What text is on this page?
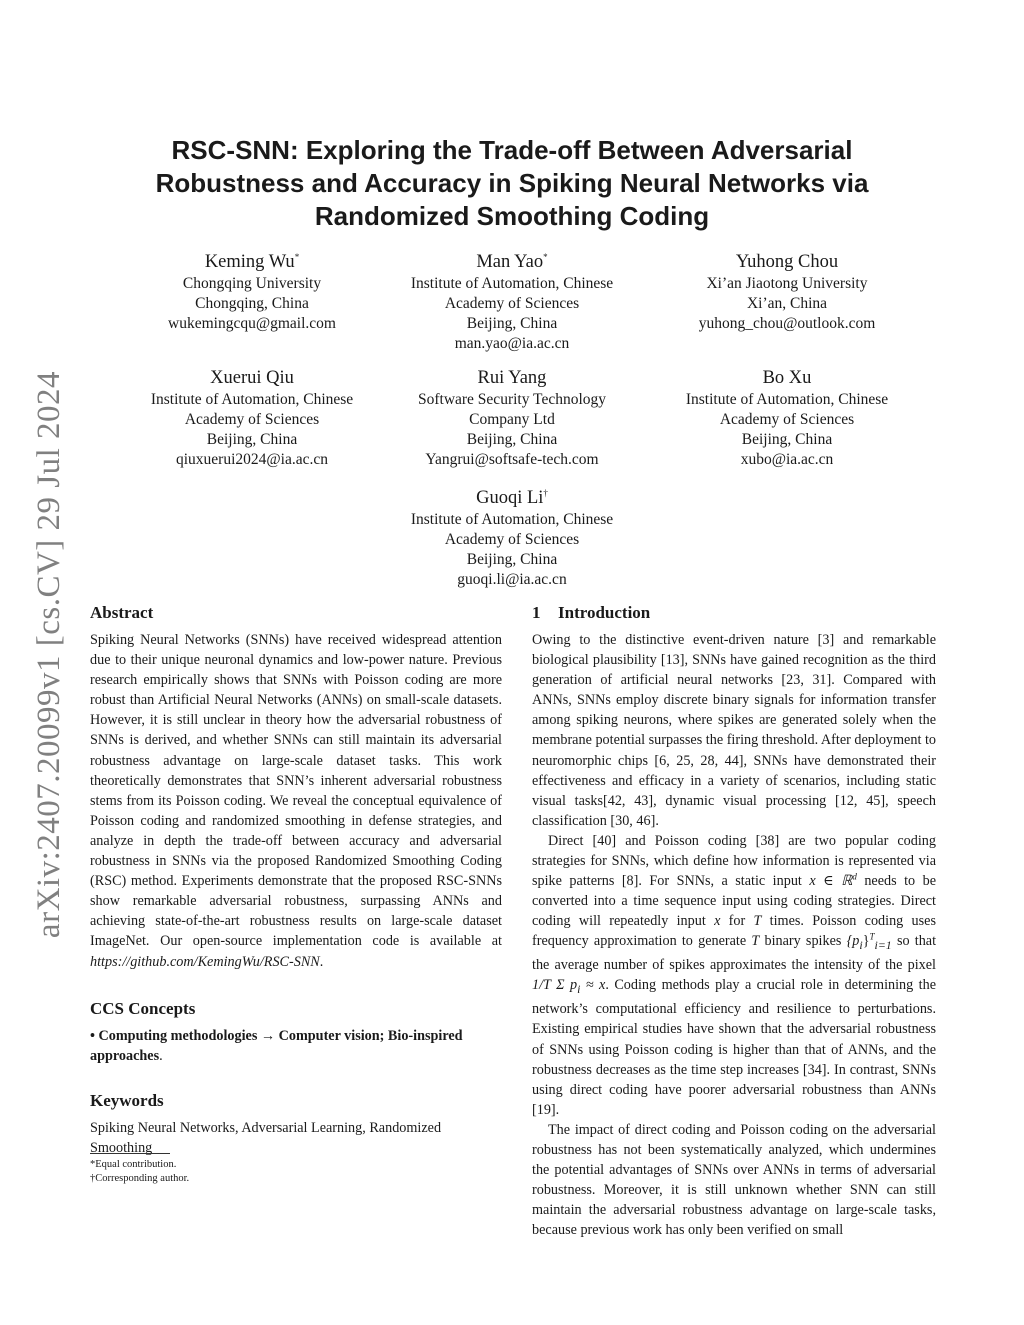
arXiv:2407.20099v1 [cs.CV] 29 Jul 2024
RSC-SNN: Exploring the Trade-off Between Adversarial
Robustness and Accuracy in Spiking Neural Networks via
Randomized Smoothing Coding
Keming Wu*
Chongqing University
Chongqing, China
wukemingcqu@gmail.com
Man Yao*
Institute of Automation, Chinese
Academy of Sciences
Beijing, China
man.yao@ia.ac.cn
Yuhong Chou
Xi’an Jiaotong University
Xi’an, China
yuhong_chou@outlook.com
Xuerui Qiu
Institute of Automation, Chinese
Academy of Sciences
Beijing, China
qiuxuerui2024@ia.ac.cn
Rui Yang
Software Security Technology
Company Ltd
Beijing, China
Yangrui@softsafe-tech.com
Bo Xu
Institute of Automation, Chinese
Academy of Sciences
Beijing, China
xubo@ia.ac.cn
Guoqi Li†
Institute of Automation, Chinese
Academy of Sciences
Beijing, China
guoqi.li@ia.ac.cn
Abstract

Spiking Neural Networks (SNNs) have received widespread attention due to their unique neuronal dynamics and low-power nature. Previous research empirically shows that SNNs with Poisson coding are more robust than Artificial Neural Networks (ANNs) on small-scale datasets. However, it is still unclear in theory how the adversarial robustness of SNNs is derived, and whether SNNs can still maintain its adversarial robustness advantage on large-scale dataset tasks. This work theoretically demonstrates that SNN’s inherent adversarial robustness stems from its Poisson coding. We reveal the conceptual equivalence of Poisson coding and randomized smoothing in defense strategies, and analyze in depth the trade-off between accuracy and adversarial robustness in SNNs via the proposed Randomized Smoothing Coding (RSC) method. Experiments demonstrate that the proposed RSC-SNNs show remarkable adversarial robustness, surpassing ANNs and achieving state-of-the-art robustness results on large-scale dataset ImageNet. Our open-source implementation code is available at https://github.com/KemingWu/RSC-SNN.

CCS Concepts

• Computing methodologies → Computer vision; Bio-inspired approaches.

Keywords

Spiking Neural Networks, Adversarial Learning, Randomized Smoothing

*Equal contribution.
†Corresponding author.
1 Introduction

Owing to the distinctive event-driven nature [3] and remarkable biological plausibility [13], SNNs have gained recognition as the third generation of artificial neural networks [23, 31]. Compared with ANNs, SNNs employ discrete binary signals for information transfer among spiking neurons, where spikes are generated solely when the membrane potential surpasses the firing threshold. After deployment to neuromorphic chips [6, 25, 28, 44], SNNs have demonstrated their effectiveness and efficacy in a variety of scenarios, including static visual tasks[42, 43], dynamic visual processing [12, 45], speech classification [30, 46].

Direct [40] and Poisson coding [38] are two popular coding strategies for SNNs, which define how information is represented via spike patterns [8]. For SNNs, a static input x ∈ ℝ$^d$ needs to be converted into a time sequence input using coding strategies. Direct coding will repeatedly input x for T times. Poisson coding uses frequency approximation to generate T binary spikes $\{p_i\}^T_{i=1}$ so that the average number of spikes approximates the intensity of the pixel 1/T Σ $p_i \approx x$. Coding methods play a crucial role in determining the network’s computational efficiency and resilience to perturbations. Existing empirical studies have shown that the adversarial robustness of SNNs using Poisson coding is higher than that of ANNs, and the robustness decreases as the time step increases [34]. In contrast, SNNs using direct coding have poorer adversarial robustness than ANNs [19].

The impact of direct coding and Poisson coding on the adversarial robustness has not been systematically analyzed, which undermines the potential advantages of SNNs over ANNs in terms of adversarial robustness. Moreover, it is still unknown whether SNN can still maintain the adversarial robustness advantage on large-scale tasks, because previous work has only been verified on small
